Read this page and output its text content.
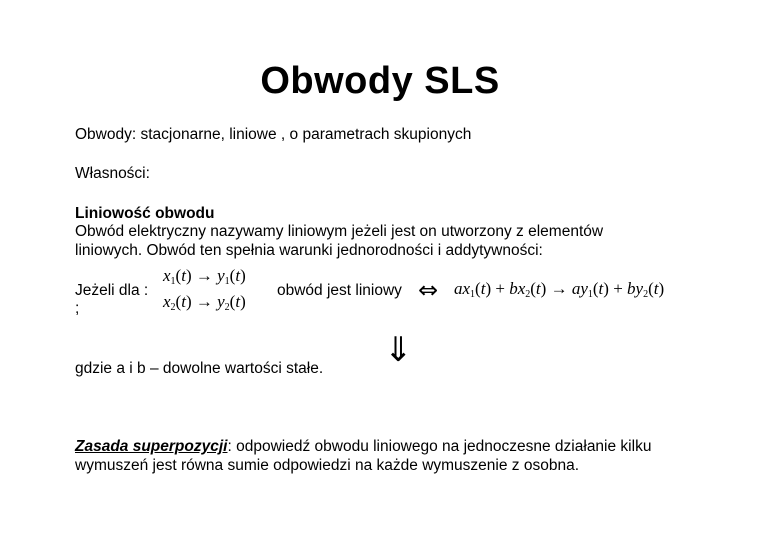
Obwody SLS
Obwody: stacjonarne, liniowe , o parametrach skupionych
Własności:
Liniowość obwodu
Obwód elektryczny nazywamy liniowym jeżeli jest on utworzony z elementów
liniowych. Obwód ten spełnia warunki jednorodności i addytywności:
Jeżeli dla :
;
$x_1(t) \to y_1(t)$
$x_2(t) \to y_2(t)$
obwód jest liniowy ⇔ $ax_1(t) + bx_2(t) \to ay_1(t) + by_2(t)$
⇓
gdzie a i b – dowolne wartości stałe.
Zasada superpozycji: odpowiedź obwodu liniowego na jednoczesne działanie kilku
wymuszeń jest równa sumie odpowiedzi na każde wymuszenie z osobna.
